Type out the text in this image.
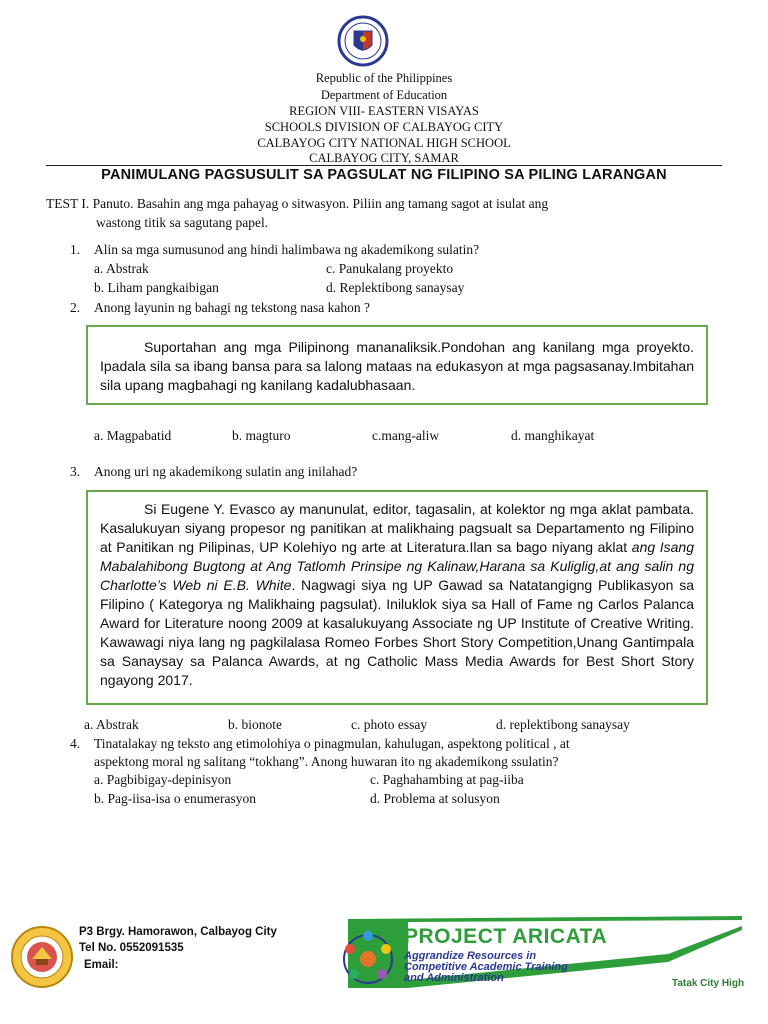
Republic of the Philippines
Department of Education
REGION VIII- EASTERN VISAYAS
SCHOOLS DIVISION OF CALBAYOG CITY
CALBAYOG CITY NATIONAL HIGH SCHOOL
CALBAYOG CITY, SAMAR
PANIMULANG PAGSUSULIT SA PAGSULAT NG FILIPINO SA PILING LARANGAN
TEST I. Panuto. Basahin ang mga pahayag o sitwasyon. Piliin ang tamang sagot at isulat ang
wastong titik sa sagutang papel.
1. Alin sa mga sumusunod ang hindi halimbawa ng akademikong sulatin?
a. Abstrak	c. Panukalang proyekto
b. Liham pangkaibigan	d. Replektibong sanaysay
2. Anong layunin ng bahagi ng tekstong nasa kahon ?

Suportahan ang mga Pilipinong mananaliksik.Pondohan ang kanilang mga proyekto. Ipadala sila sa ibang bansa para sa lalong mataas na edukasyon at mga pagsasanay.Imbitahan sila upang magbahagi ng kanilang kadalubhasaan.

a. Magpabatid	b. magturo	c.mang-aliw	d. manghikayat
3. Anong uri ng akademikong sulatin ang inilahad?

Si Eugene Y. Evasco ay manunulat, editor, tagasalin, at kolektor ng mga aklat pambata. Kasalukuyan siyang propesor ng panitikan at malikhaing pagsualt sa Departamento ng Filipino at Panitikan ng Pilipinas, UP Kolehiyo ng arte at Literatura.Ilan sa bago niyang aklat ang Isang Mabalahibong Bugtong at Ang Tatlomh Prinsipe ng Kalinaw,Harana sa Kuliglig,at ang salin ng Charlotte’s Web ni E.B. White. Nagwagi siya ng UP Gawad sa Natatangigng Publikasyon sa Filipino ( Kategorya ng Malikhaing pagsulat). Iniluklok siya sa Hall of Fame ng Carlos Palanca Award for Literature noong 2009 at kasalukuyang Associate ng UP Institute of Creative Writing. Kawawagi niya lang ng pagkilalasa Romeo Forbes Short Story Competition,Unang Gantimpala sa Sanaysay sa Palanca Awards, at ng Catholic Mass Media Awards for Best Short Story ngayong 2017.

a. Abstrak	b. bionote	c. photo essay	d. replektibong sanaysay
4. Tinatalakay ng teksto ang etimolohiya o pinagmulan, kahulugan, aspektong political , at
aspektong moral ng salitang “tokhang”. Anong huwaran ito ng akademikong ssulatin?
a. Pagbibigay-depinisyon	c. Paghahambing at pag-iiba
b. Pag-iisa-isa o enumerasyon	d. Problema at solusyon
P3 Brgy. Hamorawon, Calbayog City
Tel No. 0552091535
Email:
PROJECT ARICATA
Aggrandize Resources in
Competitive Academic Training
and Administration	Tatak City High
